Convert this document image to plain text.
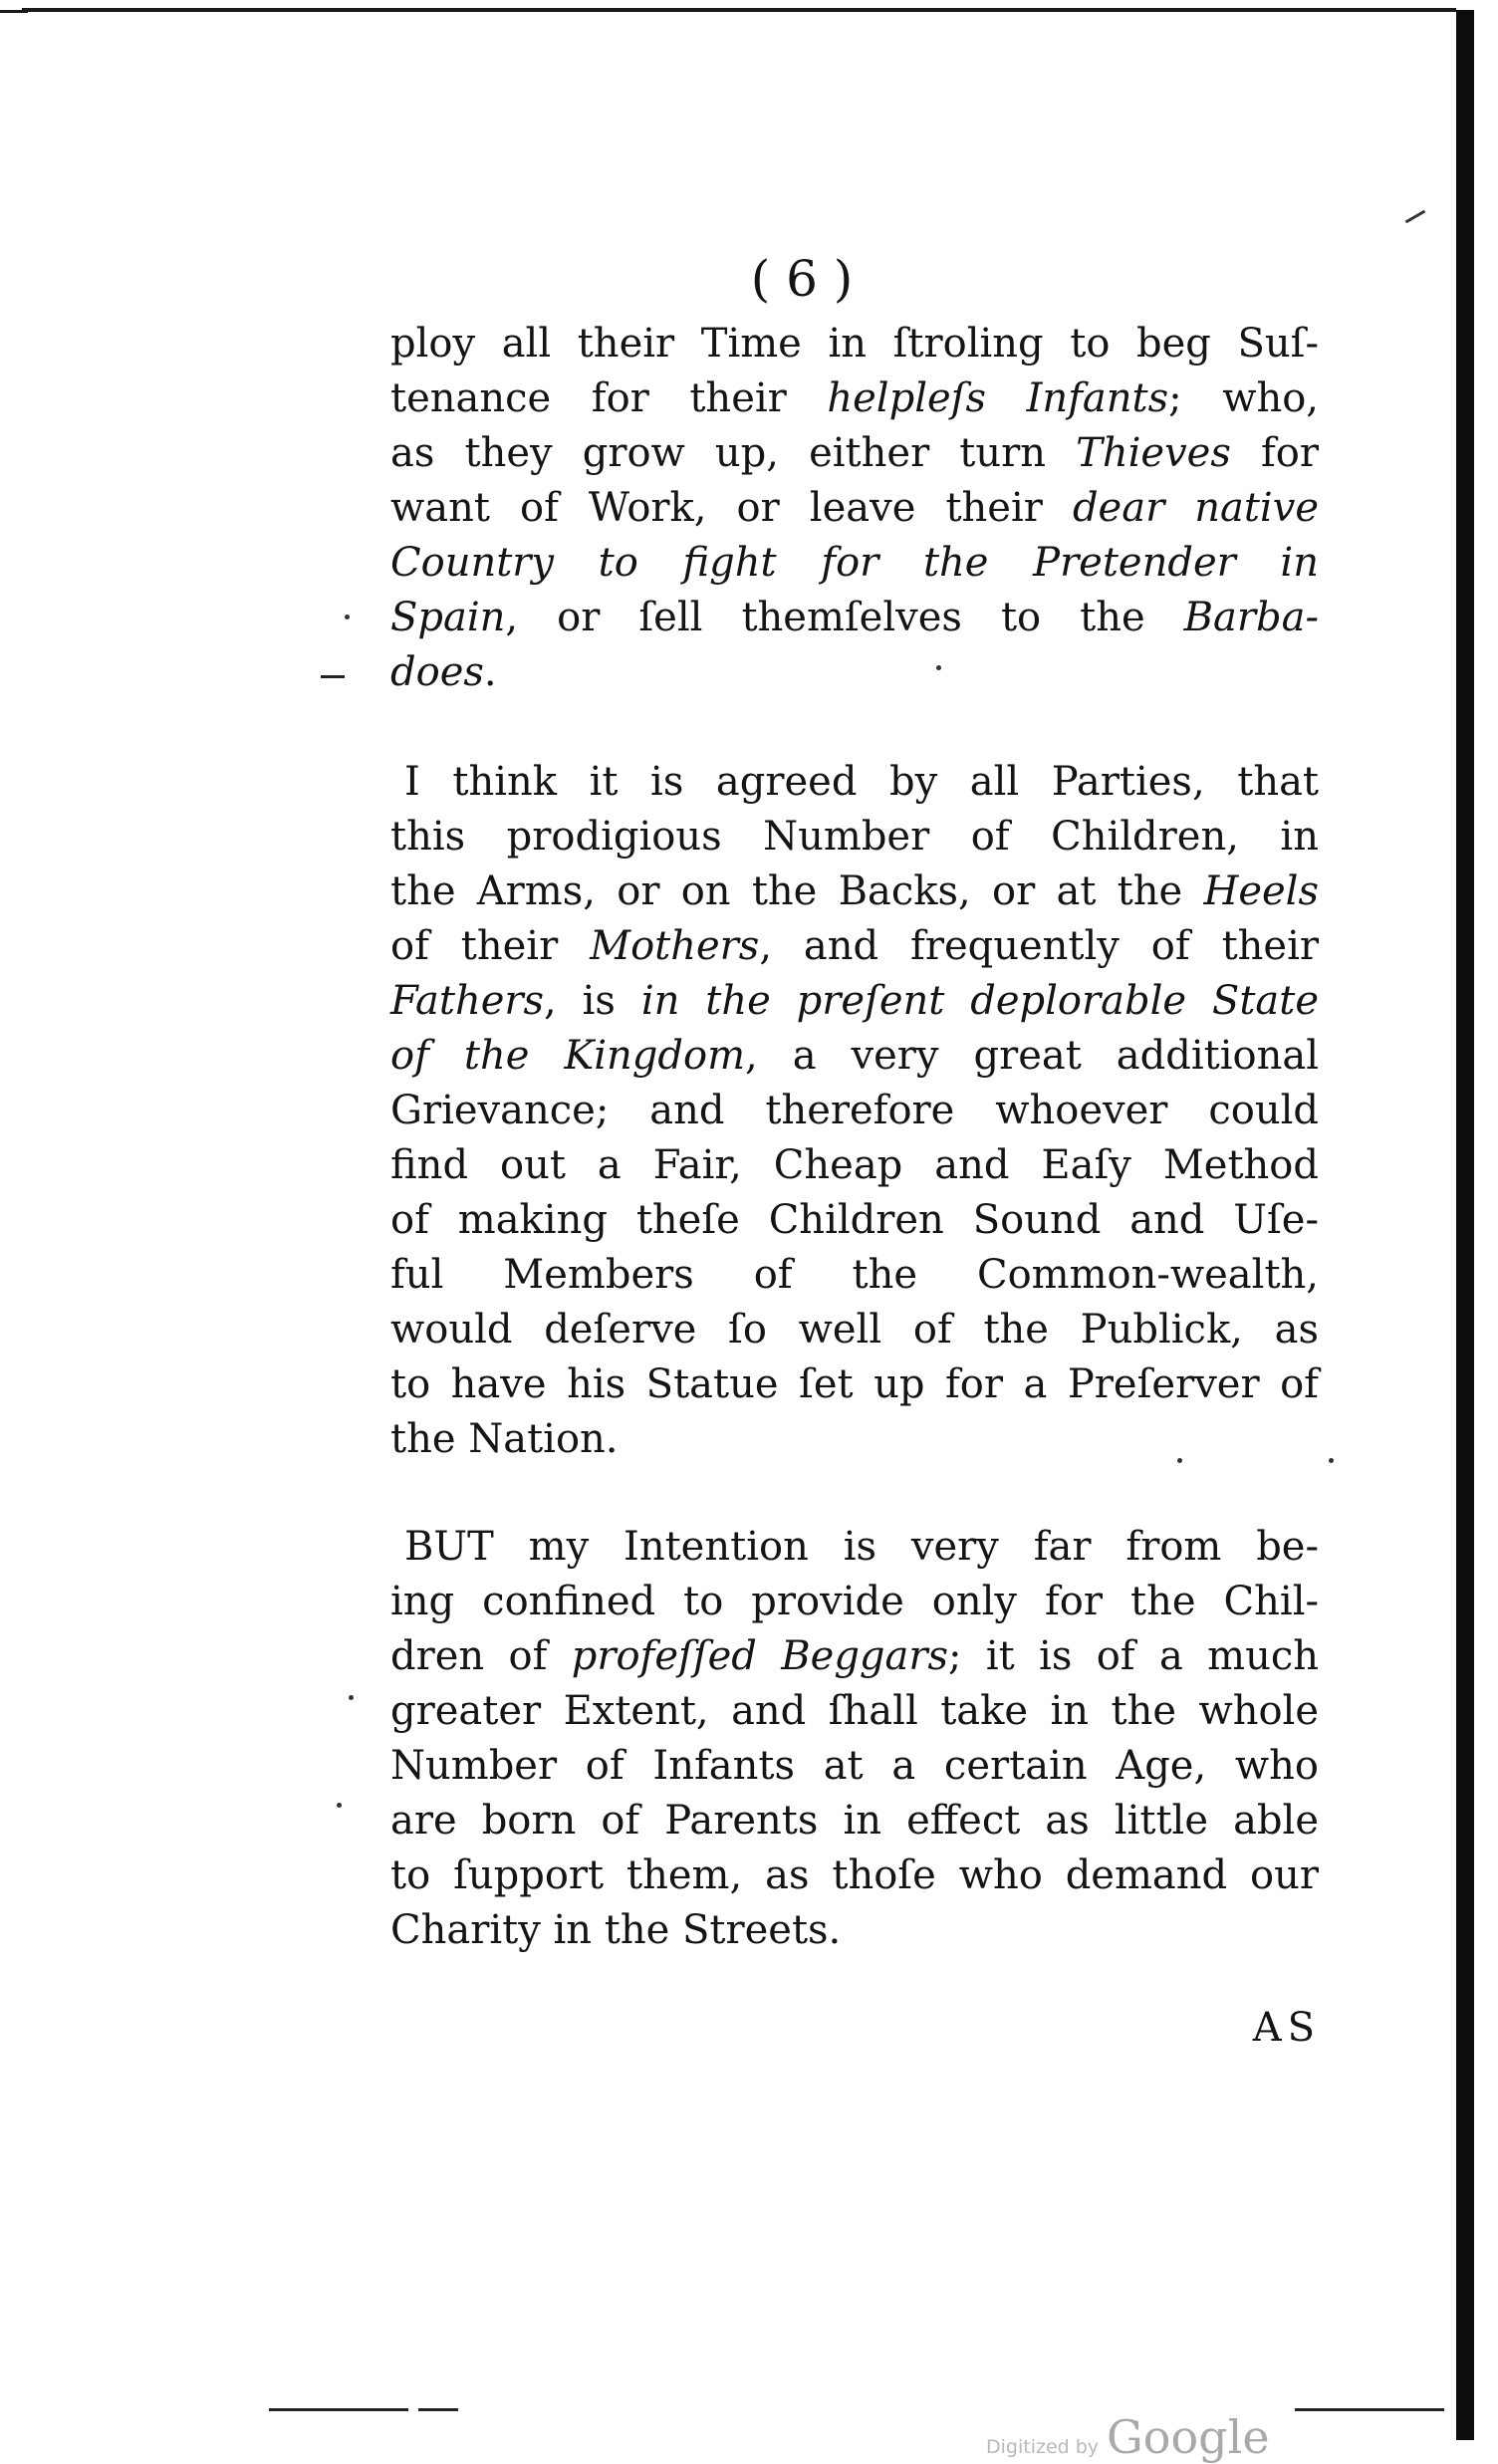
( 6 )
ploy all their Time in ſtroling to beg Suſ-
tenance for their helpleſs Infants; who,
as they grow up, either turn Thieves for
want of Work, or leave their dear native
Country to fight for the Pretender in
Spain, or ſell themſelves to the Barba-
does.
I think it is agreed by all Parties, that
this prodigious Number of Children, in
the Arms, or on the Backs, or at the Heels
of their Mothers, and frequently of their
Fathers, is in the preſent deplorable State
of the Kingdom, a very great additional
Grievance; and therefore whoever could
find out a Fair, Cheap and Eaſy Method
of making theſe Children Sound and Uſe-
ful Members of the Common-wealth,
would deſerve ſo well of the Publick, as
to have his Statue ſet up for a Preſerver of
the Nation.
BUT my Intention is very far from be-
ing confined to provide only for the Chil-
dren of profeſſed Beggars; it is of a much
greater Extent, and ſhall take in the whole
Number of Infants at a certain Age, who
are born of Parents in effect as little able
to ſupport them, as thoſe who demand our
Charity in the Streets.
AS
Digitized by Google
